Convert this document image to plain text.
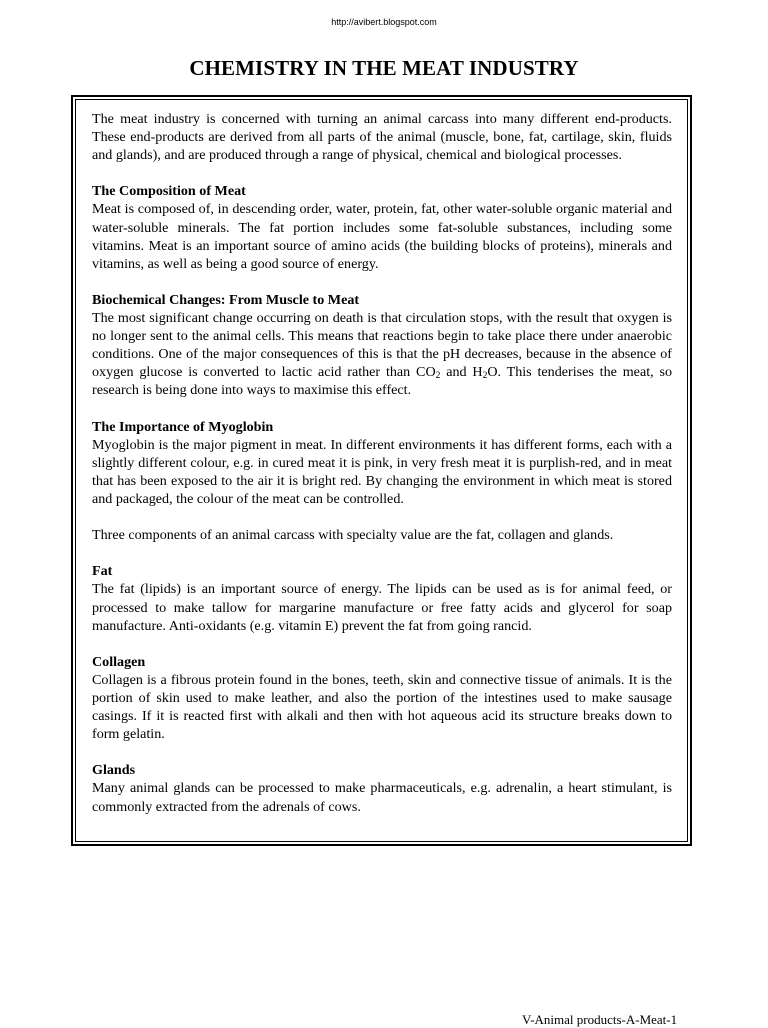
http://avibert.blogspot.com
CHEMISTRY IN THE MEAT INDUSTRY

The meat industry is concerned with turning an animal carcass into many different end-products. These end-products are derived from all parts of the animal (muscle, bone, fat, cartilage, skin, fluids and glands), and are produced through a range of physical, chemical and biological processes.

The Composition of Meat

Meat is composed of, in descending order, water, protein, fat, other water-soluble organic material and water-soluble minerals. The fat portion includes some fat-soluble substances, including some vitamins. Meat is an important source of amino acids (the building blocks of proteins), minerals and vitamins, as well as being a good source of energy.

Biochemical Changes: From Muscle to Meat

The most significant change occurring on death is that circulation stops, with the result that oxygen is no longer sent to the animal cells. This means that reactions begin to take place there under anaerobic conditions. One of the major consequences of this is that the pH decreases, because in the absence of oxygen glucose is converted to lactic acid rather than $CO_2$ and $H_2O$. This tenderises the meat, so research is being done into ways to maximise this effect.

The Importance of Myoglobin

Myoglobin is the major pigment in meat. In different environments it has different forms, each with a slightly different colour, e.g. in cured meat it is pink, in very fresh meat it is purplish-red, and in meat that has been exposed to the air it is bright red. By changing the environment in which meat is stored and packaged, the colour of the meat can be controlled.

Three components of an animal carcass with specialty value are the fat, collagen and glands.

Fat

The fat (lipids) is an important source of energy. The lipids can be used as is for animal feed, or processed to make tallow for margarine manufacture or free fatty acids and glycerol for soap manufacture. Anti-oxidants (e.g. vitamin E) prevent the fat from going rancid.

Collagen

Collagen is a fibrous protein found in the bones, teeth, skin and connective tissue of animals. It is the portion of skin used to make leather, and also the portion of the intestines used to make sausage casings. If it is reacted first with alkali and then with hot aqueous acid its structure breaks down to form gelatin.

Glands

Many animal glands can be processed to make pharmaceuticals, e.g. adrenalin, a heart stimulant, is commonly extracted from the adrenals of cows.

V-Animal products-A-Meat-1
